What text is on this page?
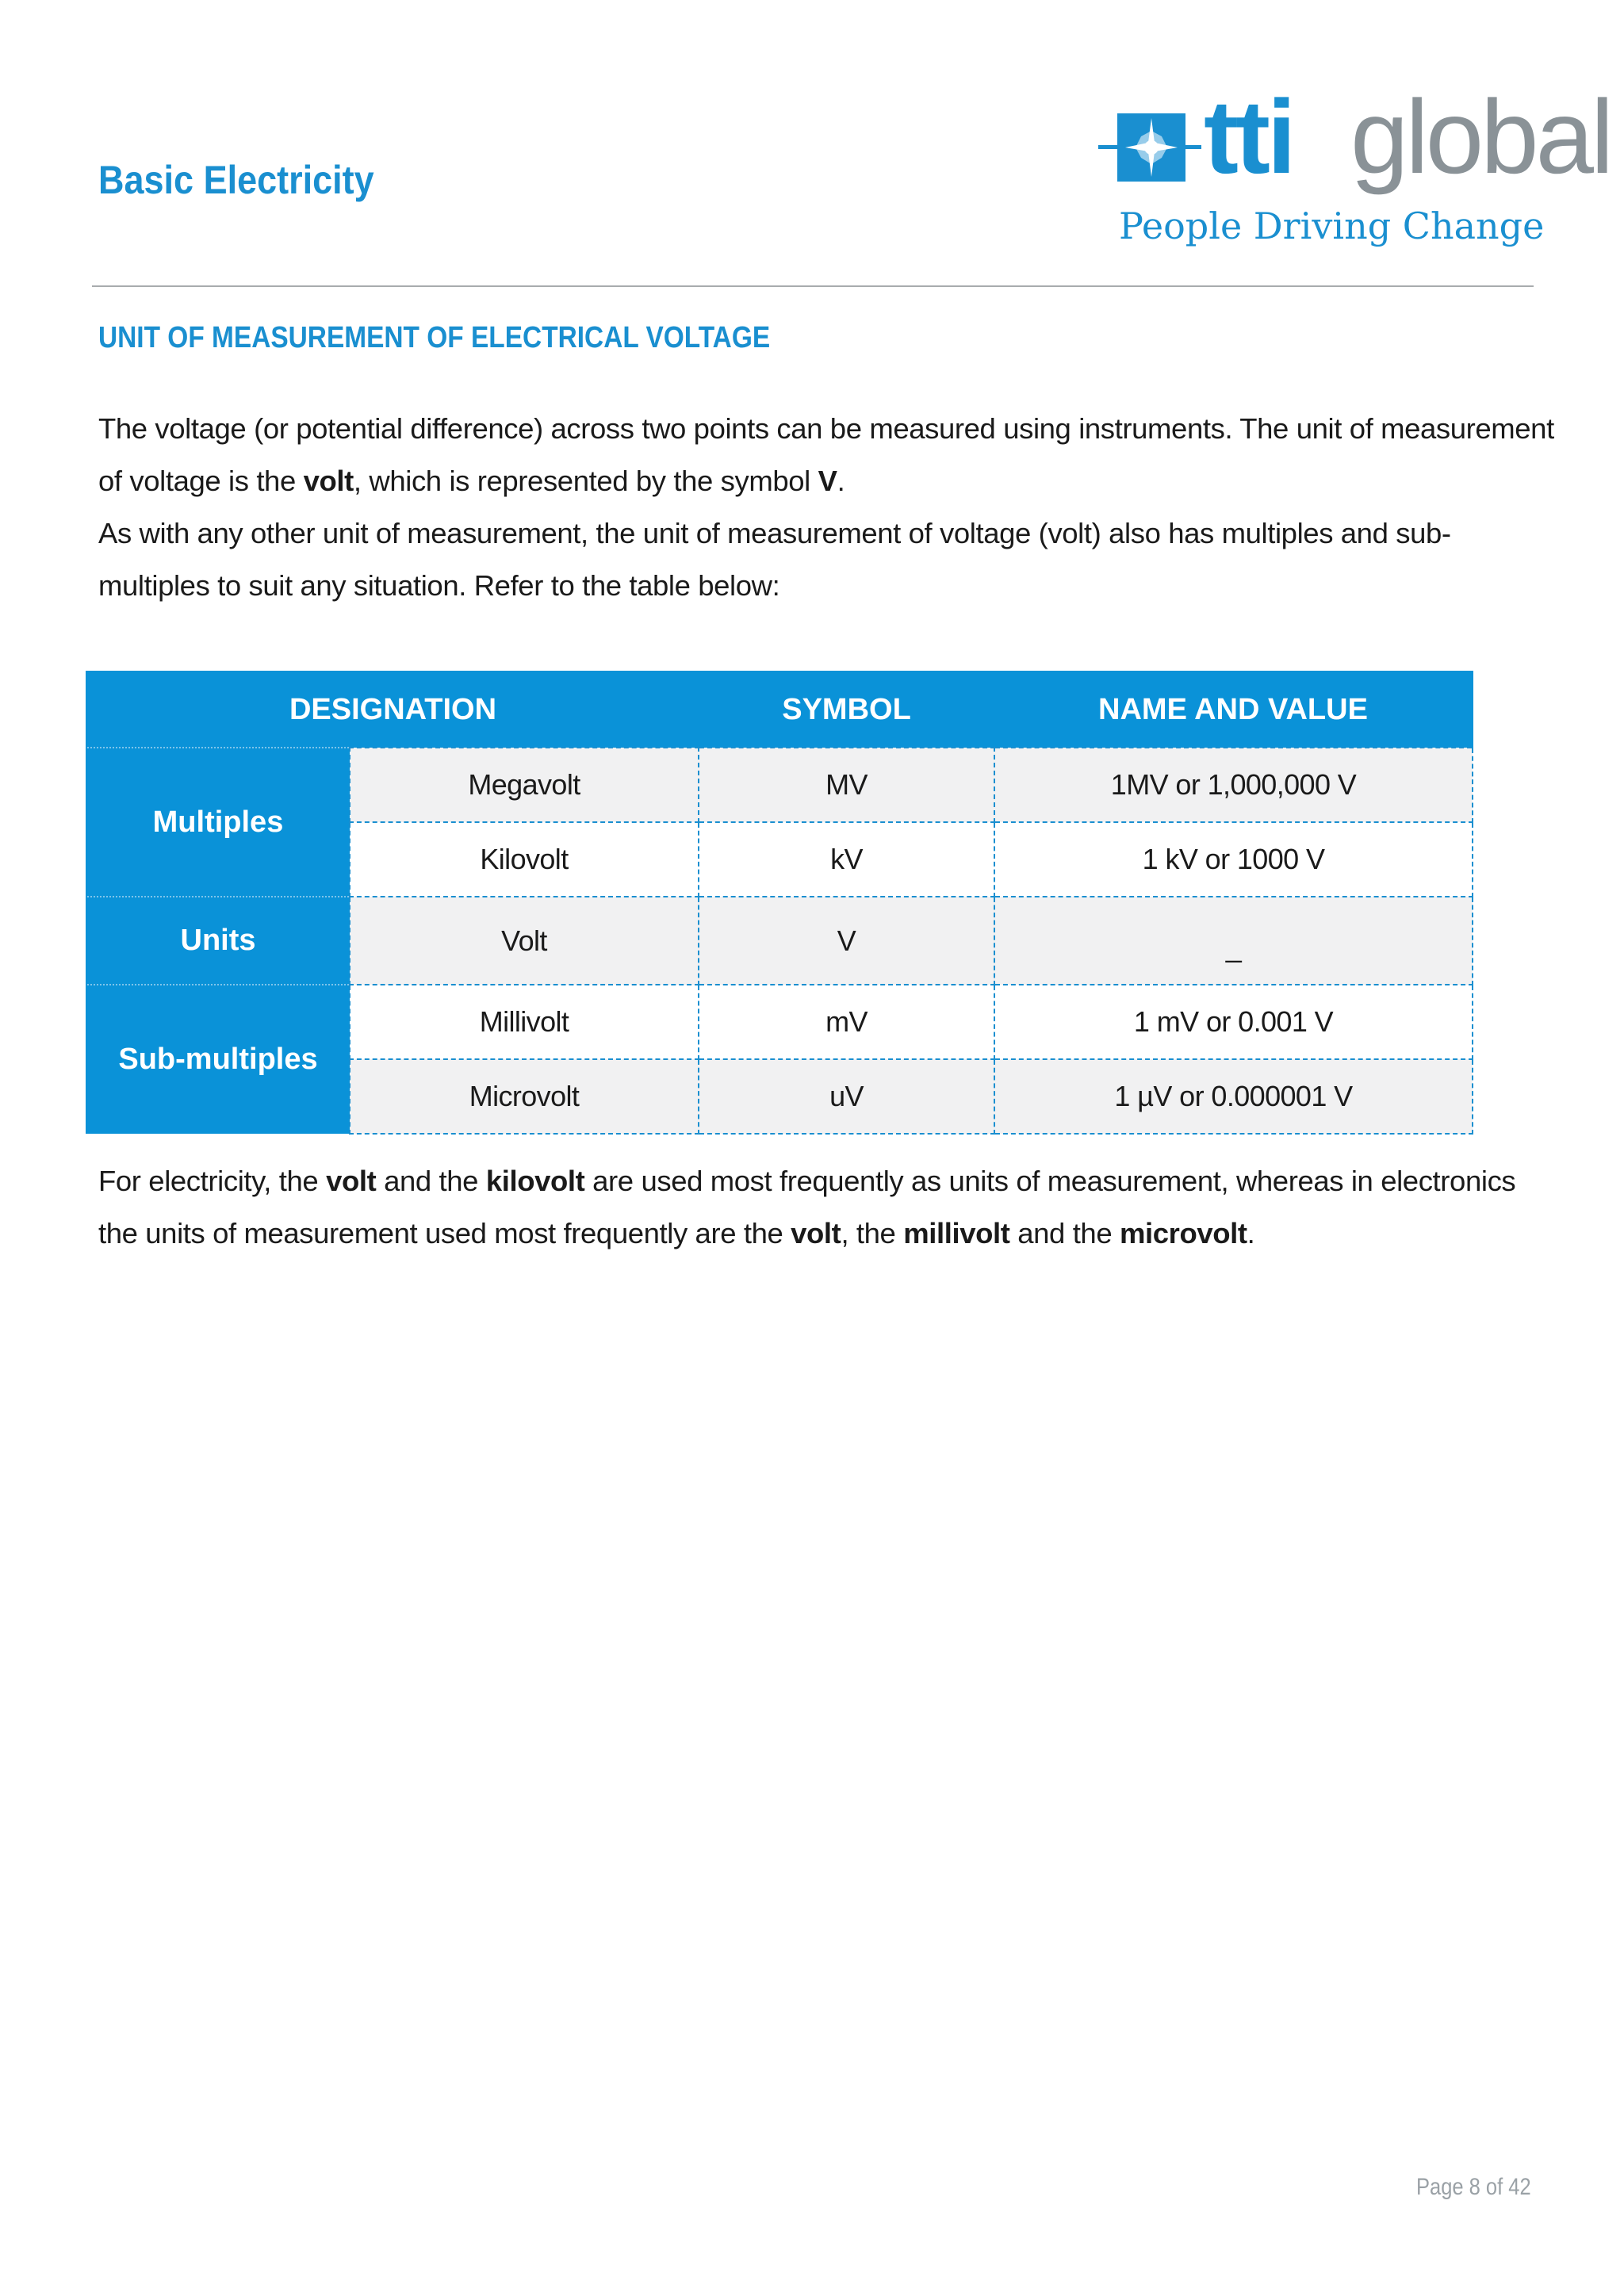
Basic Electricity	tti global
People Driving Change
UNIT OF MEASUREMENT OF ELECTRICAL VOLTAGE
The voltage (or potential difference) across two points can be measured using instruments. The unit of measurement of voltage is the volt, which is represented by the symbol V.
As with any other unit of measurement, the unit of measurement of voltage (volt) also has multiples and sub-multiples to suit any situation. Refer to the table below:
DESIGNATION		SYMBOL	NAME AND VALUE
Multiples	Megavolt	MV	1MV or 1,000,000 V
	Kilovolt	kV	1 kV or 1000 V
Units	Volt	V	_
Sub-multiples	Millivolt	mV	1 mV or 0.001 V
	Microvolt	uV	1 µV or 0.000001 V
For electricity, the volt and the kilovolt are used most frequently as units of measurement, whereas in electronics the units of measurement used most frequently are the volt, the millivolt and the microvolt.
Page 8 of 42
